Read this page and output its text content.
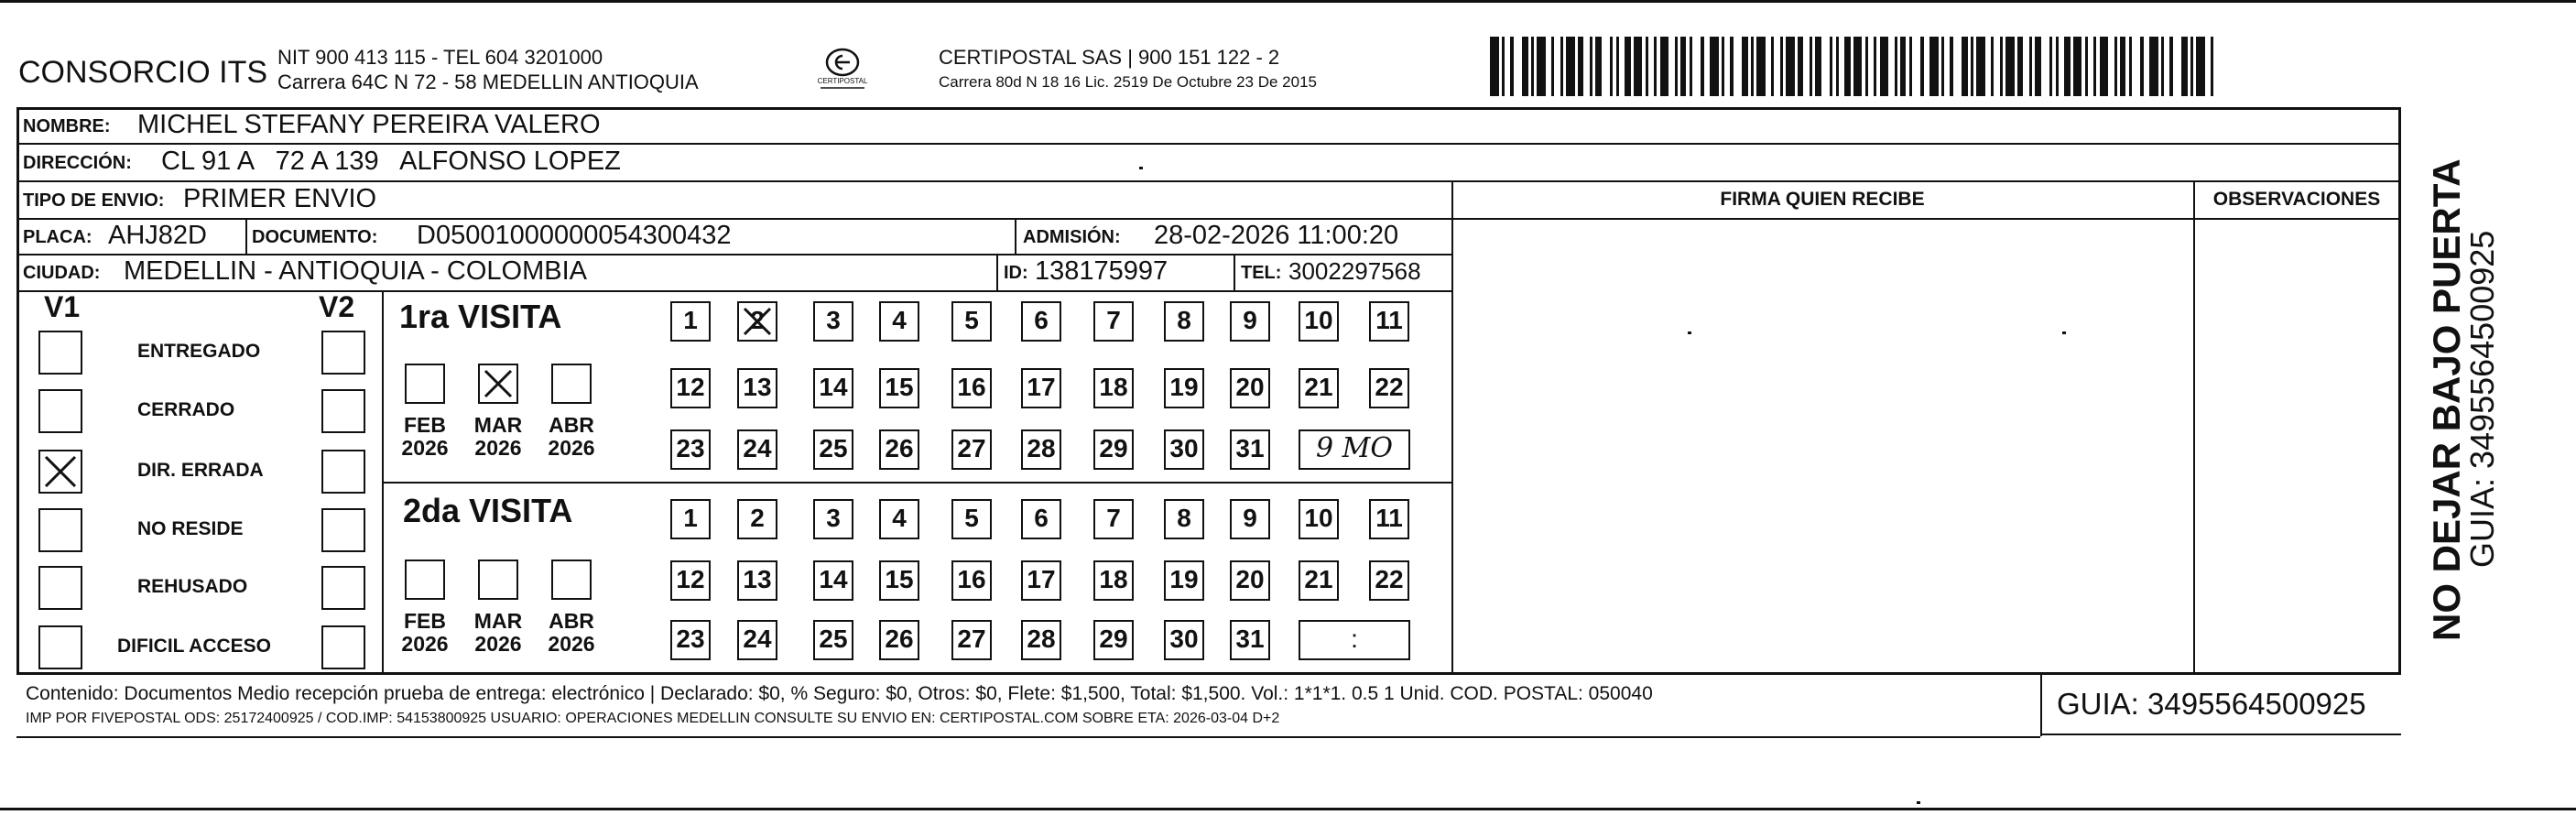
CONSORCIO ITS NIT 900 413 115 - TEL 604 3201000
Carrera 64C N 72 - 58 MEDELLIN ANTIOQUIA	CERTIPOSTAL
CERTIPOSTAL SAS | 900 151 122 - 2
Carrera 80d N 18 16 Lic. 2519 De Octubre 23 De 2015
NOMBRE: MICHEL STEFANY PEREIRA VALERO
DIRECCIÓN: CL 91 A   72 A 139   ALFONSO LOPEZ
TIPO DE ENVIO: PRIMER ENVIO	FIRMA QUIEN RECIBE	OBSERVACIONES
PLACA: AHJ82D DOCUMENTO: D05001000000054300432	ADMISIÓN: 28-02-2026 11:00:20
CIUDAD: MEDELLIN - ANTIOQUIA - COLOMBIA	ID: 138175997	TEL: 3002297568
V1	V2
ENTREGADO
CERRADO
DIR. ERRADA
NO RESIDE
REHUSADO
DIFICIL ACCESO
1ra VISITA
2da VISITA
FEB
2026
MAR
2026
ABR
2026
FEB
2026
MAR
2026
ABR
2026
1	2	3	4	5	6	7	8	9	10 11
12 13 14 15 16 17 18 19 20 21 22
23 24 25 26 27 28 29 30 31	9 MO
1	2	3	4	5	6	7	8	9	10 11
12 13 14 15 16 17 18 19 20 21 22
23 24 25 26 27 28 29 30 31	:
Contenido: Documentos Medio recepción prueba de entrega: electrónico | Declarado: $0, % Seguro: $0, Otros: $0, Flete: $1,500, Total: $1,500. Vol.: 1*1*1. 0.5 1 Unid. COD. POSTAL: 050040
IMP POR FIVEPOSTAL ODS: 25172400925 / COD.IMP: 54153800925 USUARIO: OPERACIONES MEDELLIN CONSULTE SU ENVIO EN: CERTIPOSTAL.COM SOBRE ETA: 2026-03-04 D+2	GUIA: 3495564500925
NO DEJAR BAJO PUERTA
GUIA: 3495564500925
